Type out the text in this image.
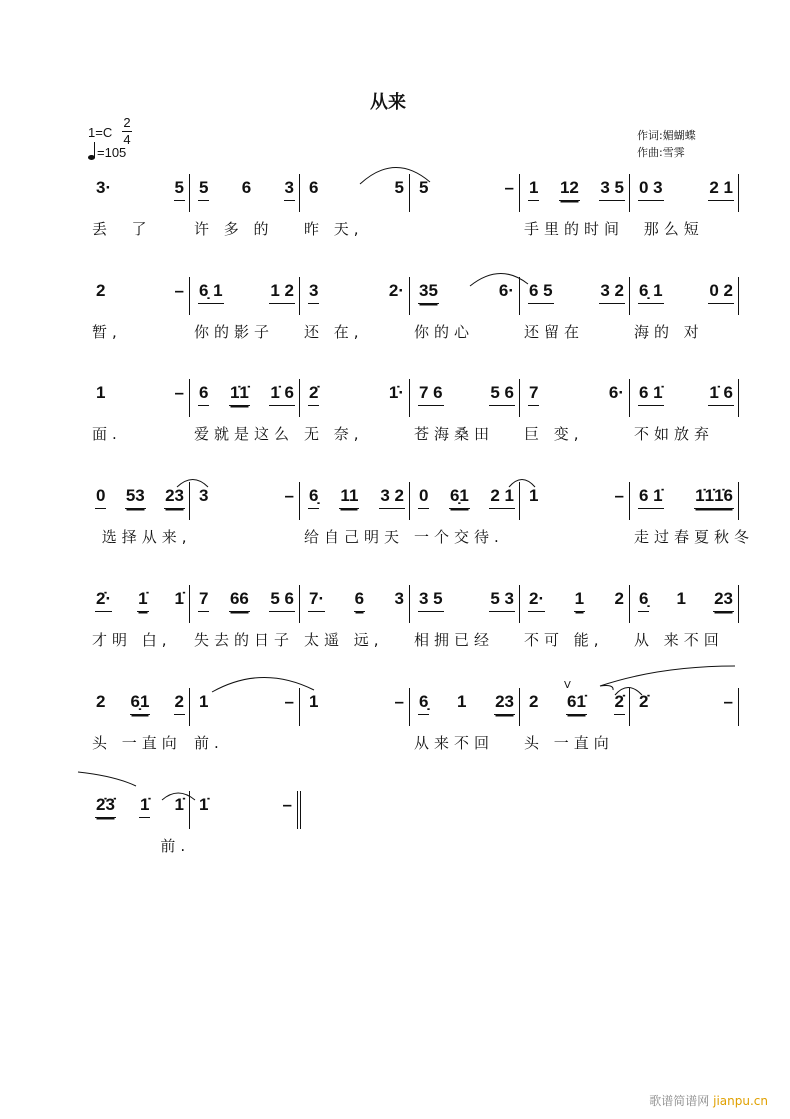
从来
1=C
2
4
=105
作词:媚蝴蝶
作曲:雪霁
3·	5
丢  了
5 6 3
许 多 的
6	5
昨 天,
5	– 1 12 3 5
手里的时间
0 3	2 1
那么短
2	–
暂,
6̣ 1	1 2
你的影子
3	2·
还 在,
35	6·
你的心
6 5	3 2
还留在
6̣ 1	0 2
海的 对
1	–
面.
6 1̇1̇ 1̇ 6
爱就是这么
2̇	1̇·
无 奈,
7 6	5 6
苍海桑田
7	6·
巨 变,
6 1̇	1̇ 6
不如放弃
0 53 23
选择从来,
3	– 6̣ 11 3 2
给自己明天
0 6̣1 2 1
一个交待.
1	– 6 1̇ 1̇1̇1̇6
走过春夏秋冬
2̇· 1̇ 1̇
才明 白,
7 66 5 6
失去的日子
7· 6 3
太遥 远,
3 5	5 3
相拥已经
2· 1 2
不可 能,
6̣ 1 23
从 来不回
2 6̣1 2
头 一直向
1	–
前.
1	– 6̣ 1 23
从来不回
2 61̇ 2̇
头 一直向
2̇	–
2̇3̇ 1̇ 1̇
前.
1̇	–
V
歌谱简谱网 jianpu.cn
